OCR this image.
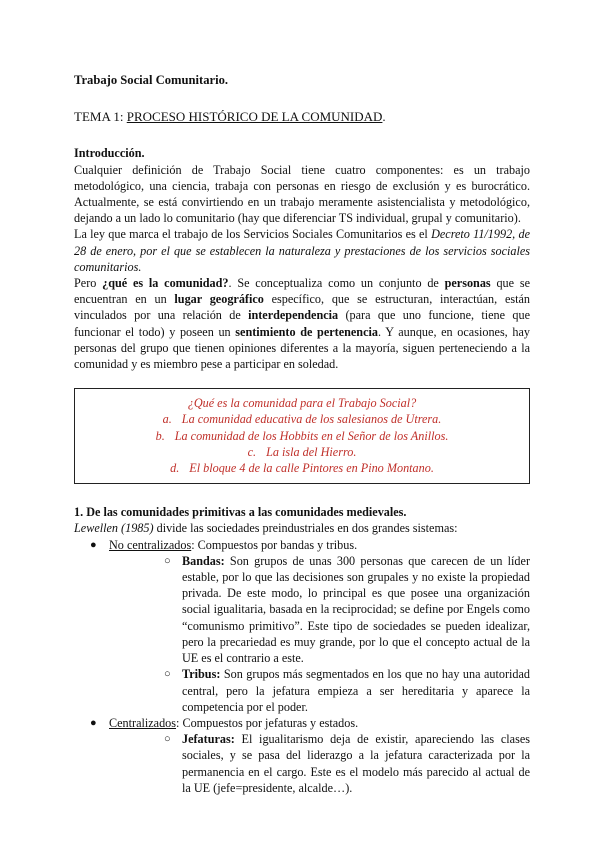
Trabajo Social Comunitario.

TEMA 1: PROCESO HISTÓRICO DE LA COMUNIDAD.

Introducción.

Cualquier definición de Trabajo Social tiene cuatro componentes: es un trabajo metodológico, una ciencia, trabaja con personas en riesgo de exclusión y es burocrático. Actualmente, se está convirtiendo en un trabajo meramente asistencialista y metodológico, dejando a un lado lo comunitario (hay que diferenciar TS individual, grupal y comunitario).

La ley que marca el trabajo de los Servicios Sociales Comunitarios es el Decreto 11/1992, de 28 de enero, por el que se establecen la naturaleza y prestaciones de los servicios sociales comunitarios.

Pero ¿qué es la comunidad?. Se conceptualiza como un conjunto de personas que se encuentran en un lugar geográfico específico, que se estructuran, interactúan, están vinculados por una relación de interdependencia (para que uno funcione, tiene que funcionar el todo) y poseen un sentimiento de pertenencia. Y aunque, en ocasiones, hay personas del grupo que tienen opiniones diferentes a la mayoría, siguen perteneciendo a la comunidad y es miembro pese a participar en soledad.

¿Qué es la comunidad para el Trabajo Social?

a. La comunidad educativa de los salesianos de Utrera.

b. La comunidad de los Hobbits en el Señor de los Anillos.

c. La isla del Hierro.

d. El bloque 4 de la calle Pintores en Pino Montano.

1. De las comunidades primitivas a las comunidades medievales.

Lewellen (1985) divide las sociedades preindustriales en dos grandes sistemas:

● No centralizados: Compuestos por bandas y tribus.
○ Bandas: Son grupos de unas 300 personas que carecen de un líder estable, por lo que las decisiones son grupales y no existe la propiedad privada. De este modo, lo principal es que posee una organización social igualitaria, basada en la reciprocidad; se define por Engels como “comunismo primitivo”. Este tipo de sociedades se pueden idealizar, pero la precariedad es muy grande, por lo que el concepto actual de la UE es el contrario a este.
○ Tribus: Son grupos más segmentados en los que no hay una autoridad central, pero la jefatura empieza a ser hereditaria y aparece la competencia por el poder.
● Centralizados: Compuestos por jefaturas y estados.
○ Jefaturas: El igualitarismo deja de existir, apareciendo las clases sociales, y se pasa del liderazgo a la jefatura caracterizada por la permanencia en el cargo. Este es el modelo más parecido al actual de la UE (jefe=presidente, alcalde…).
